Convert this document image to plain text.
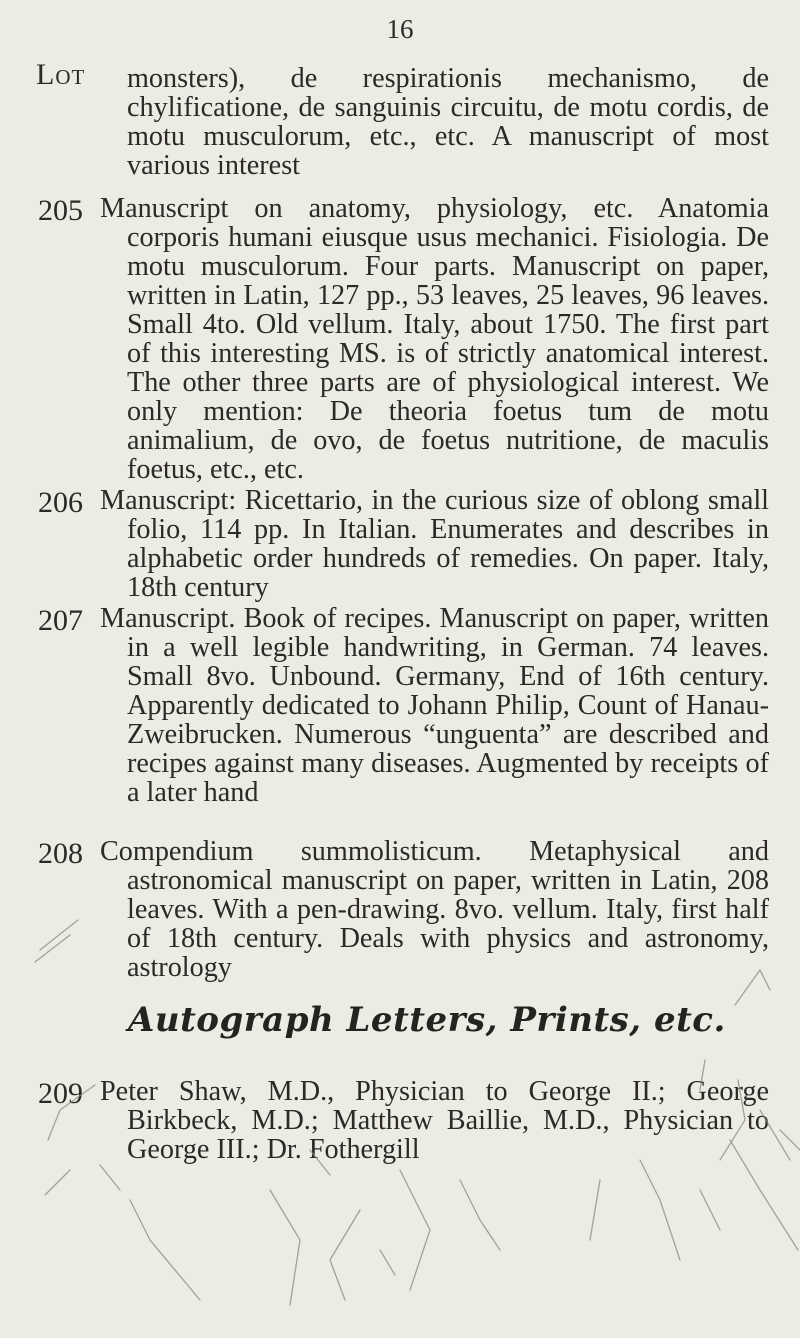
16
Lot	monsters), de respirationis mechanismo, de chylificatione, de sanguinis circuitu, de motu cordis, de motu musculorum, etc., etc. A manuscript of most various interest
205 Manuscript on anatomy, physiology, etc. Anatomia corporis humani eiusque usus mechanici. Fisiologia. De motu musculorum. Four parts. Manuscript on paper, written in Latin, 127 pp., 53 leaves, 25 leaves, 96 leaves. Small 4to. Old vellum. Italy, about 1750. The first part of this interesting MS. is of strictly anatomical interest. The other three parts are of physiological interest. We only mention: De theoria foetus tum de motu animalium, de ovo, de foetus nutritione, de maculis foetus, etc., etc.
206 Manuscript: Ricettario, in the curious size of oblong small folio, 114 pp. In Italian. Enumerates and describes in alphabetic order hundreds of remedies. On paper. Italy, 18th century
207 Manuscript. Book of recipes. Manuscript on paper, written in a well legible handwriting, in German. 74 leaves. Small 8vo. Unbound. Germany, End of 16th century. Apparently dedicated to Johann Philip, Count of Hanau-Zweibrucken. Numerous “unguenta” are described and recipes against many diseases. Augmented by receipts of a later hand
208 Compendium summolisticum. Metaphysical and astronomical manuscript on paper, written in Latin, 208 leaves. With a pen-drawing. 8vo. vellum. Italy, first half of 18th century. Deals with physics and astronomy, astrology
Autograph Letters, Prints, etc.
209 Peter Shaw, M.D., Physician to George II.; George Birkbeck, M.D.; Matthew Baillie, M.D., Physician to George III.; Dr. Fothergill
